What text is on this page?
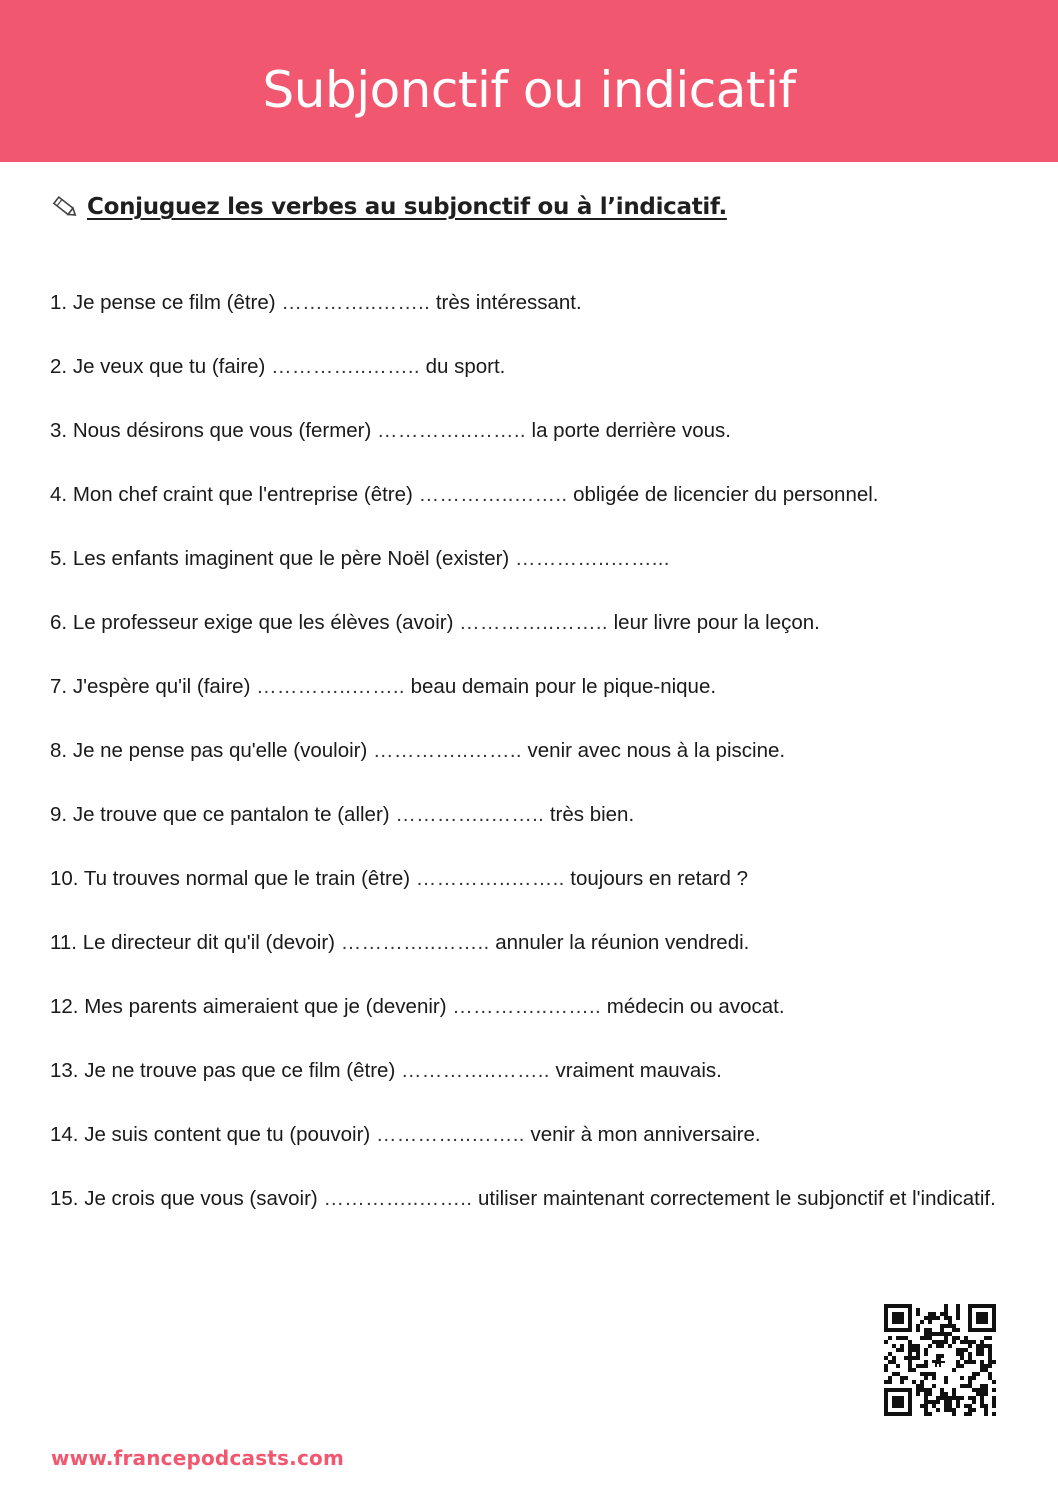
Subjonctif ou indicatif
Conjuguez les verbes au subjonctif ou à l’indicatif.
1. Je pense ce film (être) …………..…….. très intéressant.
2. Je veux que tu (faire) …………..…….. du sport.
3. Nous désirons que vous (fermer) …………..…….. la porte derrière vous.
4. Mon chef craint que l'entreprise (être) …………..…….. obligée de licencier du personnel.
5. Les enfants imaginent que le père Noël (exister) …………..……...
6. Le professeur exige que les élèves (avoir) …………..…….. leur livre pour la leçon.
7. J'espère qu'il (faire) …………..…….. beau demain pour le pique-nique.
8. Je ne pense pas qu'elle (vouloir) …………..…….. venir avec nous à la piscine.
9. Je trouve que ce pantalon te (aller) …………..…….. très bien.
10. Tu trouves normal que le train (être) …………..…….. toujours en retard ?
11. Le directeur dit qu'il (devoir) …………..…….. annuler la réunion vendredi.
12. Mes parents aimeraient que je (devenir) …………..…….. médecin ou avocat.
13. Je ne trouve pas que ce film (être) …………..…….. vraiment mauvais.
14. Je suis content que tu (pouvoir) …………..…….. venir à mon anniversaire.
15. Je crois que vous (savoir) …………..…….. utiliser maintenant correctement le subjonctif et l'indicatif.
www.francepodcasts.com
